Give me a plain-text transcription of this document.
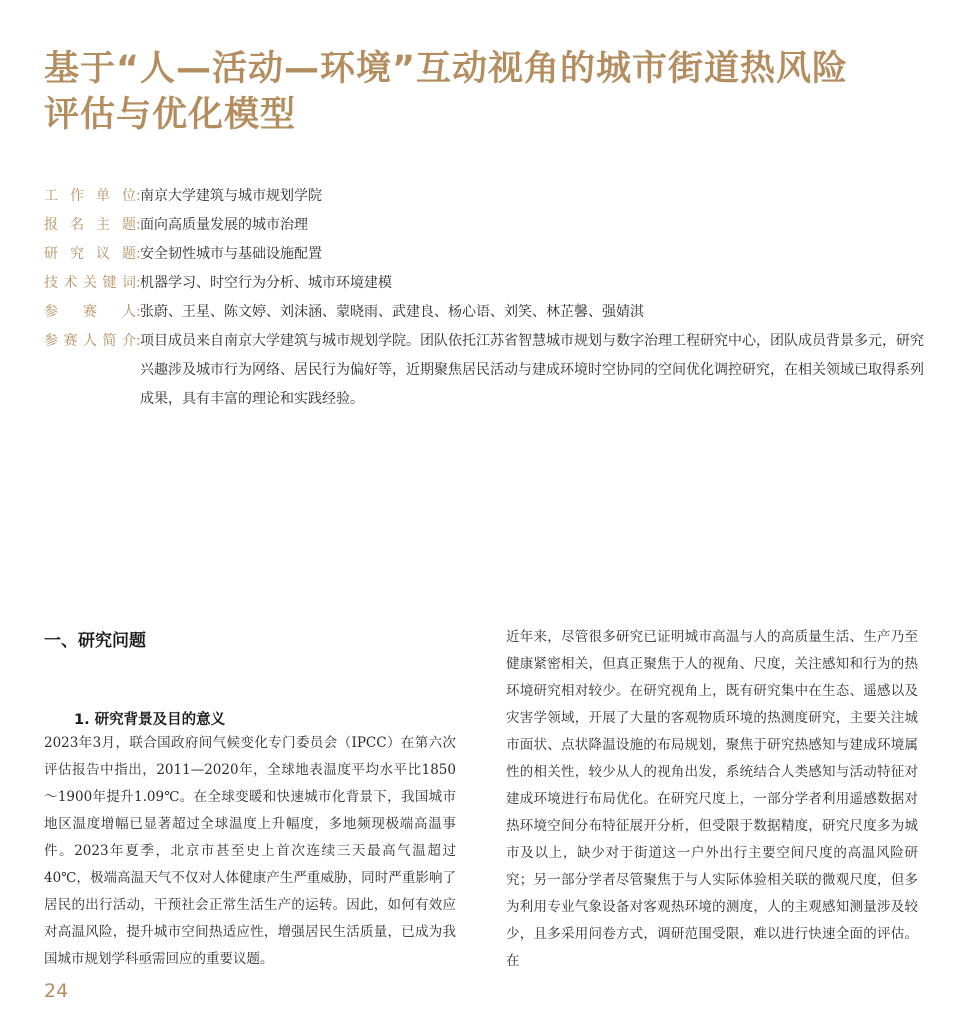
基于“人—活动—环境”互动视角的城市街道热风险
评估与优化模型
工作单位 : 南京大学建筑与城市规划学院
报名主题 : 面向高质量发展的城市治理
研究议题 : 安全韧性城市与基础设施配置
技术关键词 : 机器学习、时空行为分析、城市环境建模
参赛人 : 张蔚、王星、陈文婷、刘沫涵、蒙晓雨、武建良、杨心语、刘笑、林芷馨、强婧淇
参赛人简介 : 项目成员来自南京大学建筑与城市规划学院。团队依托江苏省智慧城市规划与数字治理工程研究中心，团队成员背景多元，研究兴趣涉及城市行为网络、居民行为偏好等，近期聚焦居民活动与建成环境时空协同的空间优化调控研究，在相关领域已取得系列成果，具有丰富的理论和实践经验。
一、研究问题
1. 研究背景及目的意义

2023年3月，联合国政府间气候变化专门委员会（IPCC）在第六次评估报告中指出，2011—2020年，全球地表温度平均水平比1850～1900年提升1.09℃。在全球变暖和快速城市化背景下，我国城市地区温度增幅已显著超过全球温度上升幅度，多地频现极端高温事件。2023年夏季，北京市甚至史上首次连续三天最高气温超过40℃，极端高温天气不仅对人体健康产生严重威胁，同时严重影响了居民的出行活动，干预社会正常生活生产的运转。因此，如何有效应对高温风险，提升城市空间热适应性，增强居民生活质量，已成为我国城市规划学科亟需回应的重要议题。

近年来，尽管很多研究已证明城市高温与人的高质量生活、生产乃至健康紧密相关，但真正聚焦于人的视角、尺度，关注感知和行为的热环境研究相对较少。在研究视角上，既有研究集中在生态、遥感以及灾害学领域，开展了大量的客观物质环境的热测度研究，主要关注城市面状、点状降温设施的布局规划，聚焦于研究热感知与建成环境属性的相关性，较少从人的视角出发，系统结合人类感知与活动特征对建成环境进行布局优化。在研究尺度上，一部分学者利用遥感数据对热环境空间分布特征展开分析，但受限于数据精度，研究尺度多为城市及以上，缺少对于街道这一户外出行主要空间尺度的高温风险研究；另一部分学者尽管聚焦于与人实际体验相关联的微观尺度，但多为利用专业气象设备对客观热环境的测度，人的主观感知测量涉及较少，且多采用问卷方式，调研范围受限，难以进行快速全面的评估。在

24
